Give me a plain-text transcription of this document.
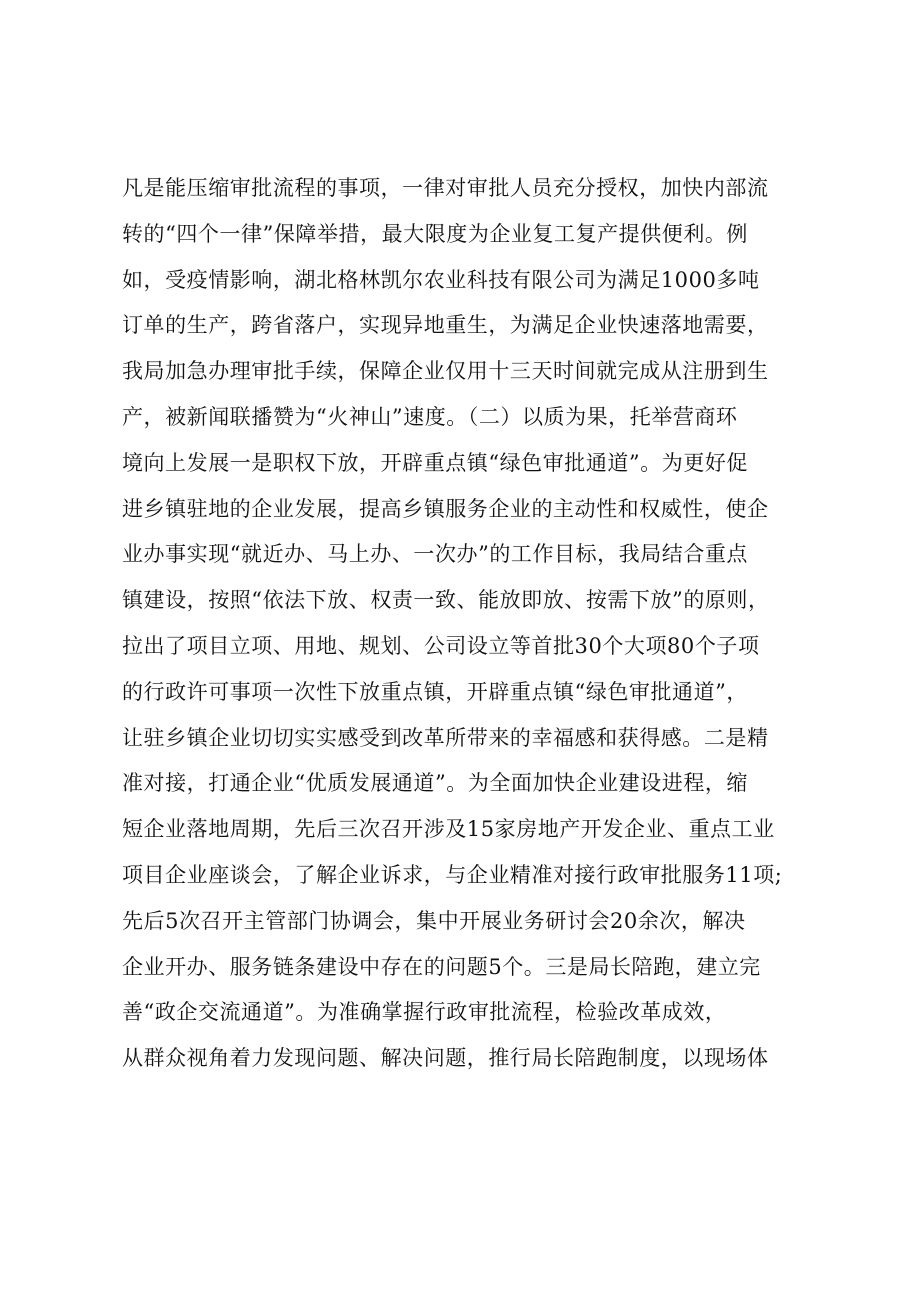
凡是能压缩审批流程的事项，一律对审批人员充分授权，加快内部流
转的“四个一律”保障举措，最大限度为企业复工复产提供便利。例
如，受疫情影响，湖北格林凯尔农业科技有限公司为满足1000多吨
订单的生产，跨省落户，实现异地重生，为满足企业快速落地需要，
我局加急办理审批手续，保障企业仅用十三天时间就完成从注册到生
产，被新闻联播赞为“火神山”速度。（二）以质为果，托举营商环
境向上发展一是职权下放，开辟重点镇“绿色审批通道”。为更好促
进乡镇驻地的企业发展，提高乡镇服务企业的主动性和权威性，使企
业办事实现“就近办、马上办、一次办”的工作目标，我局结合重点
镇建设，按照“依法下放、权责一致、能放即放、按需下放”的原则，
拉出了项目立项、用地、规划、公司设立等首批30个大项80个子项
的行政许可事项一次性下放重点镇，开辟重点镇“绿色审批通道”，
让驻乡镇企业切切实实感受到改革所带来的幸福感和获得感。二是精
准对接，打通企业“优质发展通道”。为全面加快企业建设进程，缩
短企业落地周期，先后三次召开涉及15家房地产开发企业、重点工业
项目企业座谈会，了解企业诉求，与企业精准对接行政审批服务11项;
先后5次召开主管部门协调会，集中开展业务研讨会20余次，解决
企业开办、服务链条建设中存在的问题5个。三是局长陪跑，建立完
善“政企交流通道”。为准确掌握行政审批流程，检验改革成效，
从群众视角着力发现问题、解决问题，推行局长陪跑制度，以现场体
